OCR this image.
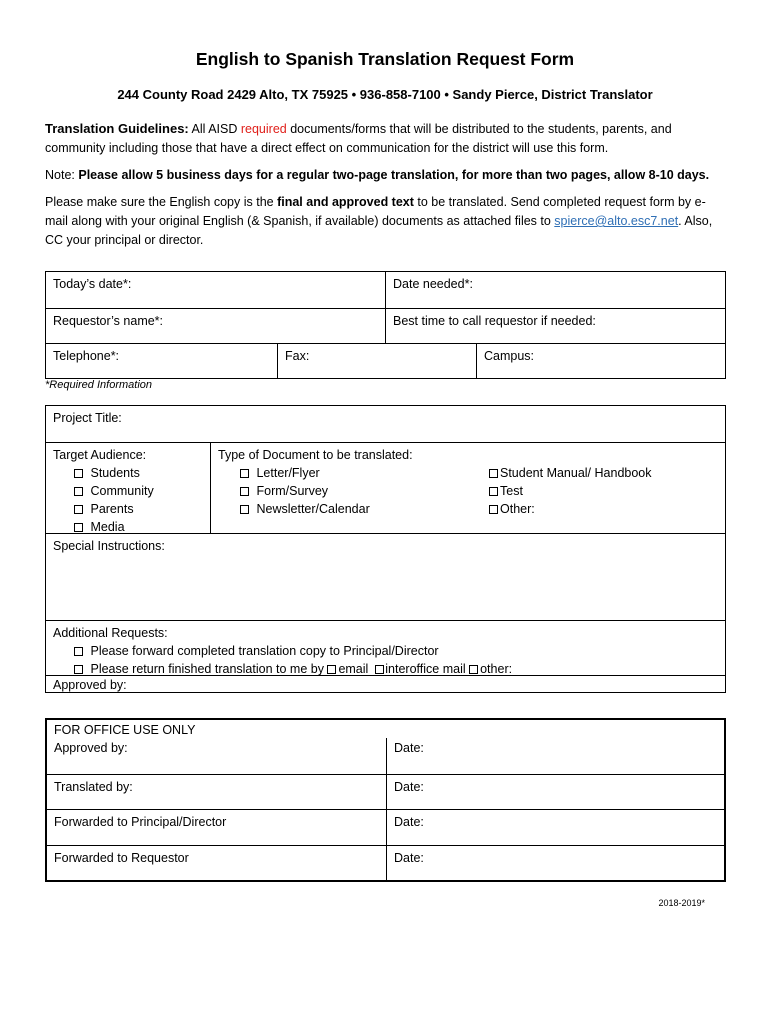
English to Spanish Translation Request Form
244 County Road 2429 Alto, TX 75925 • 936-858-7100 • Sandy Pierce, District Translator
Translation Guidelines: All AISD required documents/forms that will be distributed to the students, parents, and community including those that have a direct effect on communication for the district will use this form.
Note: Please allow 5 business days for a regular two-page translation, for more than two pages, allow 8-10 days.
Please make sure the English copy is the final and approved text to be translated. Send completed request form by e-mail along with your original English (& Spanish, if available) documents as attached files to spierce@alto.esc7.net. Also, CC your principal or director.
Today’s date*:	Date needed*:
Requestor’s name*:	Best time to call requestor if needed:
Telephone*:	Fax:	Campus:
*Required Information
Project Title:
Target Audience:
Students
Community
Parents
Media
Type of Document to be translated:
Letter/Flyer
Form/Survey
Newsletter/Calendar
Student Manual/ Handbook
Test
Other:
Special Instructions:
Additional Requests:
Please forward completed translation copy to Principal/Director
Please return finished translation to me by email interoffice mail other:
Approved by:
FOR OFFICE USE ONLY
Approved by:	Date:
Translated by:	Date:
Forwarded to Principal/Director	Date:
Forwarded to Requestor	Date:
2018-2019*
